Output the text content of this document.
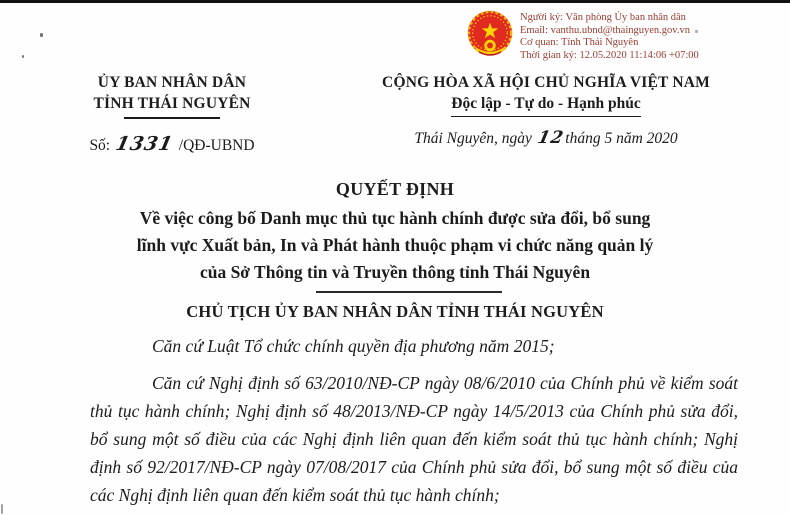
Người ký: Văn phòng Ủy ban nhân dân
Email: vanthu.ubnd@thainguyen.gov.vn
Cơ quan: Tỉnh Thái Nguyên
Thời gian ký: 12.05.2020 11:14:06 +07:00
ỦY BAN NHÂN DÂN
TỈNH THÁI NGUYÊN
Số: 1331 /QĐ-UBND
CỘNG HÒA XÃ HỘI CHỦ NGHĨA VIỆT NAM
Độc lập - Tự do - Hạnh phúc
Thái Nguyên, ngày 12 tháng 5 năm 2020
QUYẾT ĐỊNH
Về việc công bố Danh mục thủ tục hành chính được sửa đổi, bổ sung
lĩnh vực Xuất bản, In và Phát hành thuộc phạm vi chức năng quản lý
của Sở Thông tin và Truyền thông tỉnh Thái Nguyên
CHỦ TỊCH ỦY BAN NHÂN DÂN TỈNH THÁI NGUYÊN

Căn cứ Luật Tổ chức chính quyền địa phương năm 2015;

Căn cứ Nghị định số 63/2010/NĐ-CP ngày 08/6/2010 của Chính phủ về kiểm soát thủ tục hành chính; Nghị định số 48/2013/NĐ-CP ngày 14/5/2013 của Chính phủ sửa đổi, bổ sung một số điều của các Nghị định liên quan đến kiểm soát thủ tục hành chính; Nghị định số 92/2017/NĐ-CP ngày 07/08/2017 của Chính phủ sửa đổi, bổ sung một số điều của các Nghị định liên quan đến kiểm soát thủ tục hành chính;
